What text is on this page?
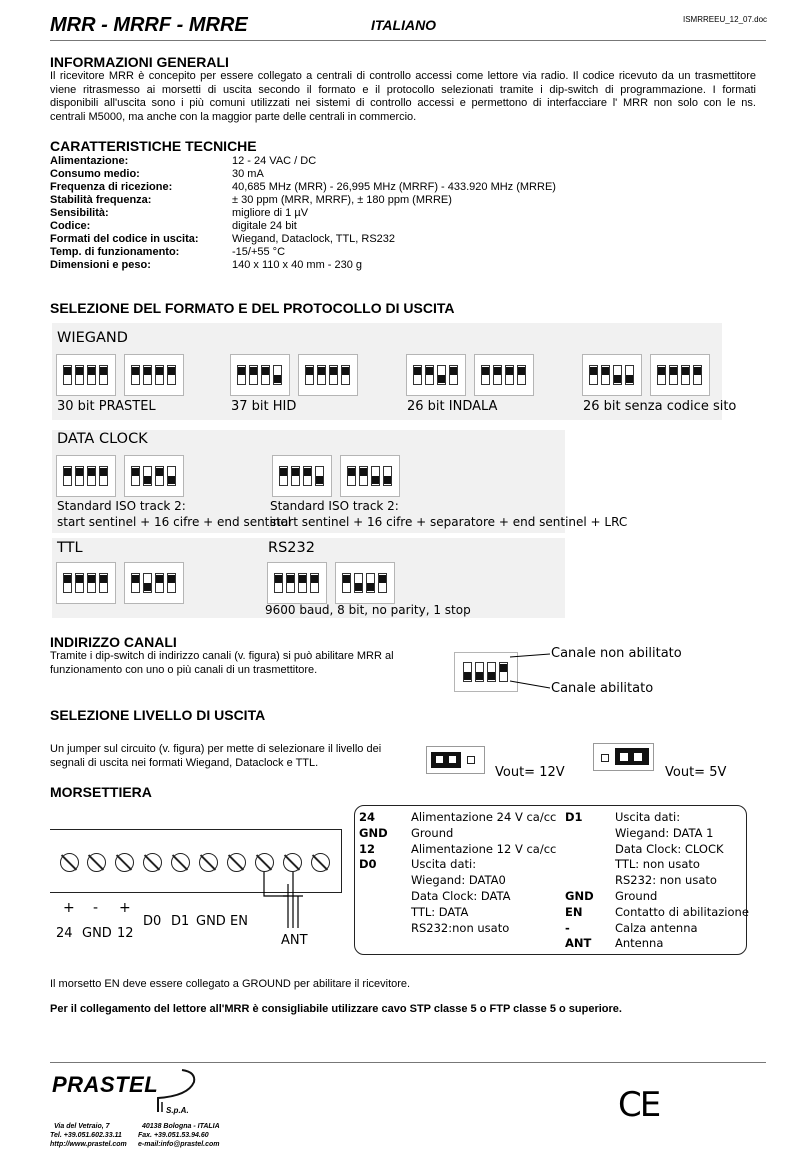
MRR - MRRF - MRRE	ITALIANO	ISMRREEU_12_07.doc
INFORMAZIONI GENERALI
Il ricevitore MRR è concepito per essere collegato a centrali di controllo accessi come lettore via radio. Il codice ricevuto da un trasmettitore
viene ritrasmesso ai morsetti di uscita secondo il formato e il protocollo selezionati tramite i dip-switch di programmazione. I formati
disponibili all'uscita sono i più comuni utilizzati nei sistemi di controllo accessi e permettono di interfacciare l' MRR non solo con le ns.
centrali M5000, ma anche con la maggior parte delle centrali in commercio.
CARATTERISTICHE TECNICHE
Alimentazione:	12 - 24 VAC / DC
Consumo medio:	30 mA
Frequenza di ricezione:	40,685 MHz (MRR) - 26,995 MHz (MRRF) - 433.920 MHz (MRRE)
Stabilità frequenza:	± 30 ppm (MRR, MRRF), ± 180 ppm (MRRE)
Sensibilità:	migliore di 1 µV
Codice:	digitale 24 bit
Formati del codice in uscita:	Wiegand, Dataclock, TTL, RS232
Temp. di funzionamento:	-15/+55 °C
Dimensioni e peso:	140 x 110 x 40 mm - 230 g
SELEZIONE DEL FORMATO E DEL PROTOCOLLO DI USCITA
WIEGAND
30 bit PRASTEL	37 bit HID	26 bit INDALA	26 bit senza codice sito
DATA CLOCK
Standard ISO track 2:
start sentinel + 16 cifre + end sentinel
Standard ISO track 2:
start sentinel + 16 cifre + separatore + end sentinel + LRC
TTL	RS232
9600 baud, 8 bit, no parity, 1 stop
INDIRIZZO CANALI
Tramite i dip-switch di indirizzo canali (v. figura) si può abilitare MRR al
funzionamento con uno o più canali di un trasmettitore.
Canale non abilitato
Canale abilitato
SELEZIONE LIVELLO DI USCITA
Un jumper sul circuito (v. figura) per mette di selezionare il livello dei
segnali di uscita nei formati Wiegand, Dataclock e TTL.
Vout= 12V	Vout= 5V
MORSETTIERA
+ - +
24 GND 12
D0 D1 GND EN
ANT
24	Alimentazione 24 V ca/cc
GND Ground
12	Alimentazione 12 V ca/cc
D0	Uscita dati:
Wiegand: DATA0
Data Clock: DATA
TTL: DATA
RS232:non usato
D1	Uscita dati:
Wiegand: DATA 1
Data Clock: CLOCK
TTL: non usato
RS232: non usato
GND Ground
EN	Contatto di abilitazione
-	Calza antenna
ANT Antenna
Il morsetto EN deve essere collegato a GROUND per abilitare il ricevitore.
Per il collegamento del lettore all'MRR è consigliabile utilizzare cavo STP classe 5 o FTP classe 5 o superiore.
PRASTEL
S.p.A.
Via del Vetraio, 7	40138 Bologna - ITALIA
Tel. +39.051.602.33.11 Fax. +39.051.53.94.60
http://www.prastel.com e-mail:info@prastel.com
CE
